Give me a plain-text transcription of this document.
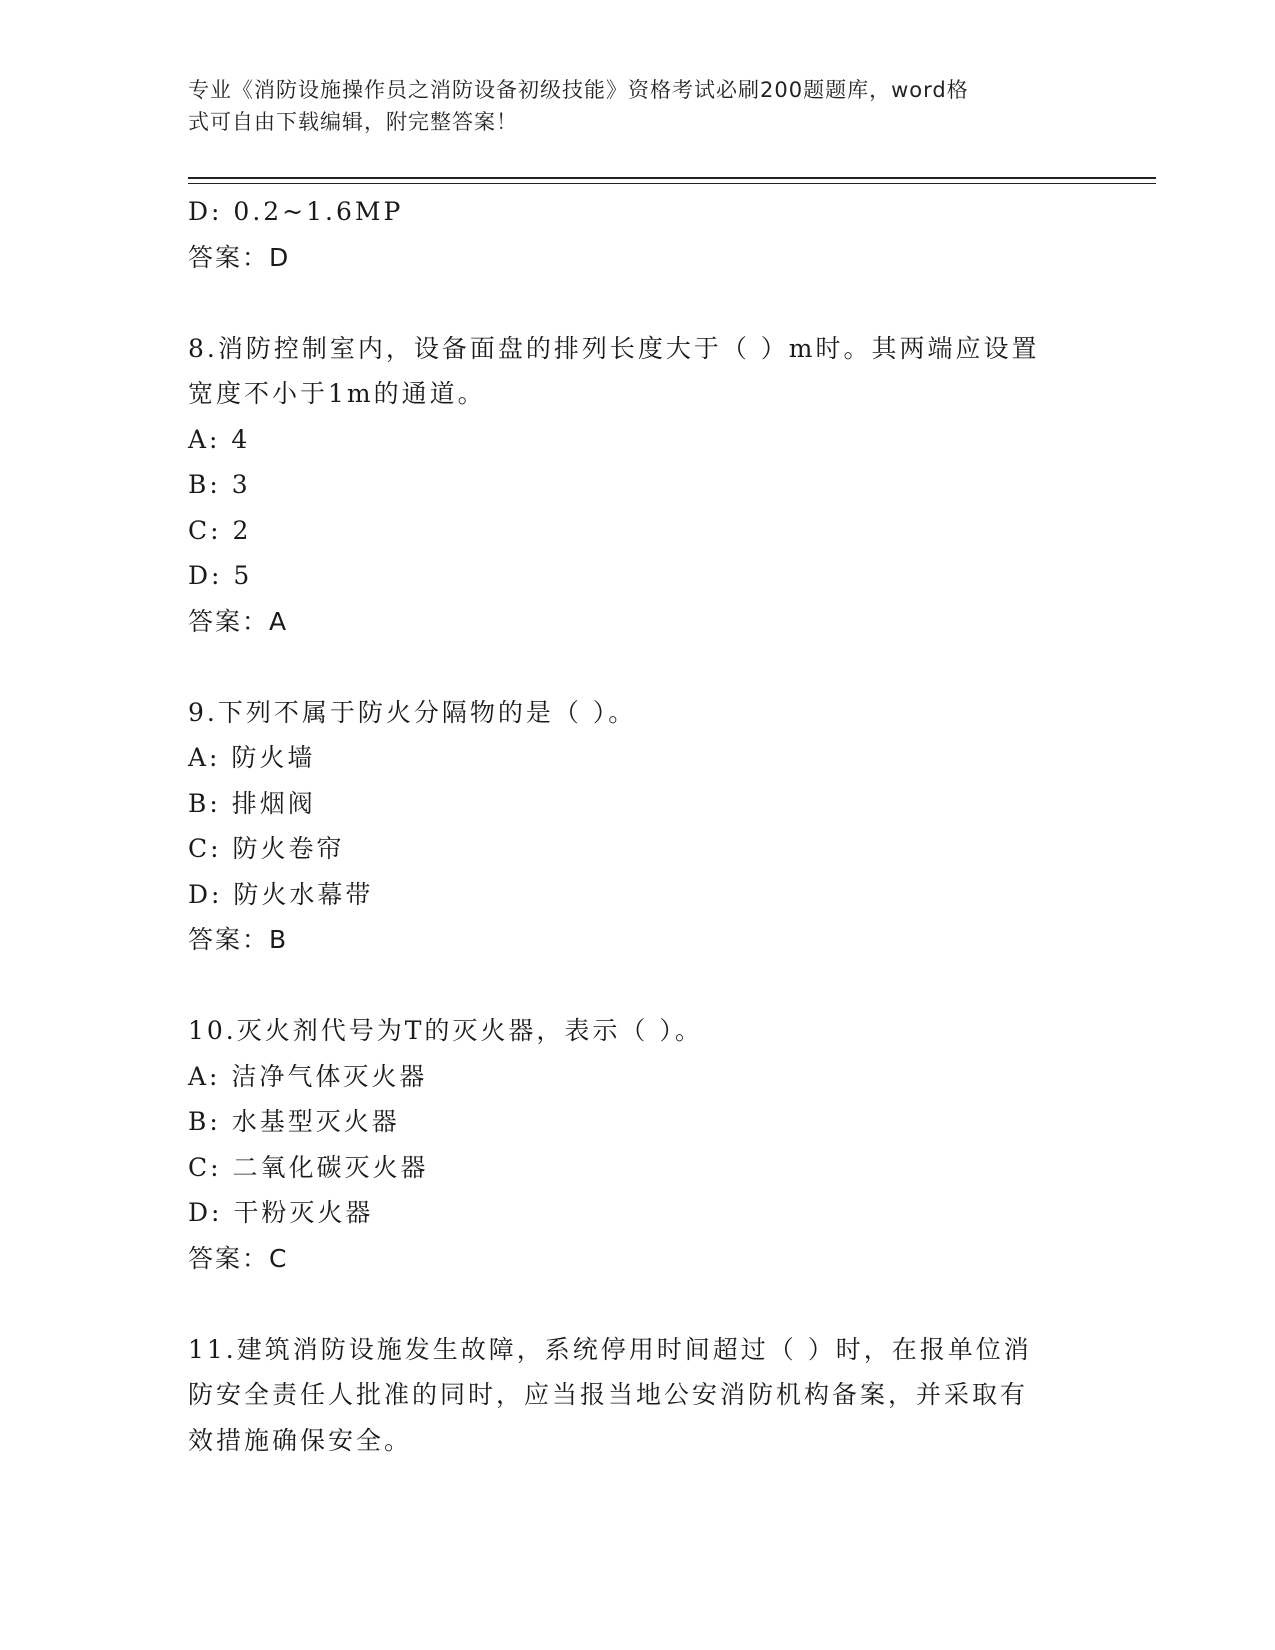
专业《消防设施操作员之消防设备初级技能》资格考试必刷200题题库，word格
式可自由下载编辑，附完整答案！
D: 0.2~1.6MP
答案：D
8.消防控制室内，设备面盘的排列长度大于（ ）m时。其两端应设置
宽度不小于1m的通道。
A: 4
B: 3
C: 2
D: 5
答案：A
9.下列不属于防火分隔物的是（ ）。
A: 防火墙
B: 排烟阀
C: 防火卷帘
D: 防火水幕带
答案：B
10.灭火剂代号为T的灭火器，表示（ ）。
A: 洁净气体灭火器
B: 水基型灭火器
C: 二氧化碳灭火器
D: 干粉灭火器
答案：C
11.建筑消防设施发生故障，系统停用时间超过（ ）时，在报单位消
防安全责任人批准的同时，应当报当地公安消防机构备案，并采取有
效措施确保安全。
